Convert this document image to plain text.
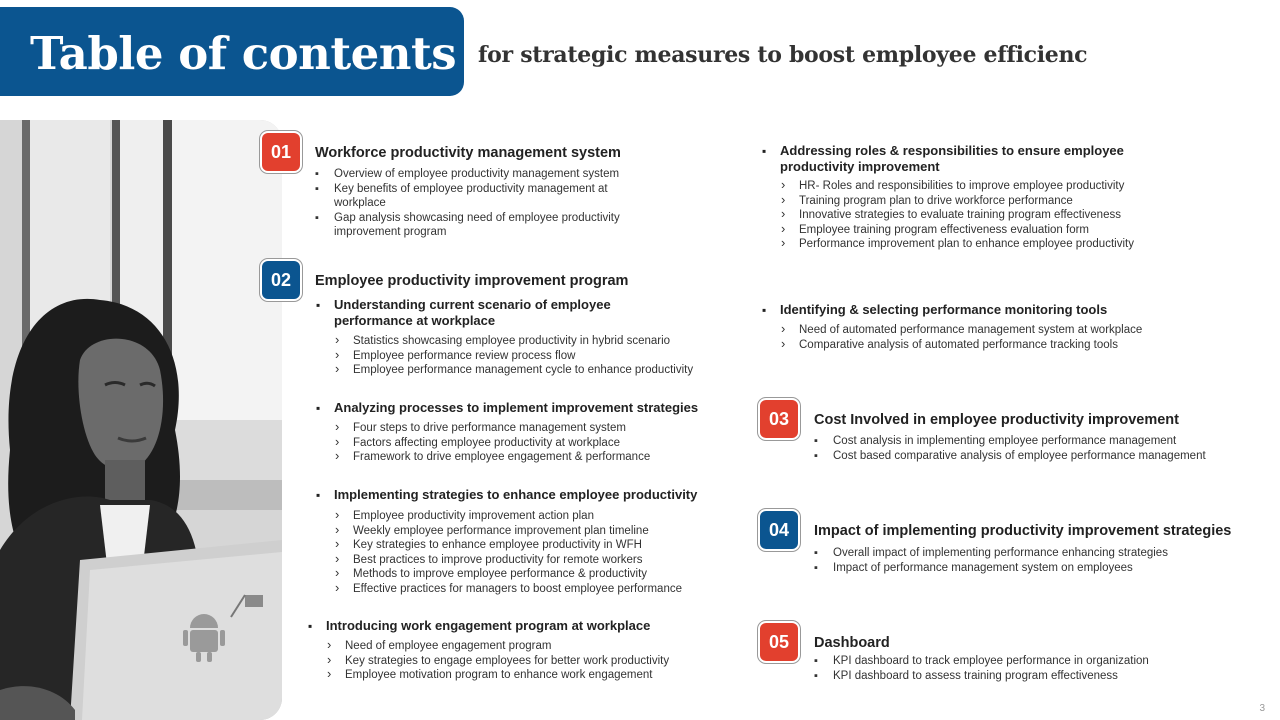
Table of contents for strategic measures to boost employee efficienc
01	Workforce productivity management system
▪ Overview of employee productivity management system
▪ Key benefits of employee productivity management at workplace
▪ Gap analysis showcasing need of employee productivity improvement program
02	Employee productivity improvement program
▪ Understanding current scenario of employee performance at workplace
› Statistics showcasing employee productivity in hybrid scenario
› Employee performance review process flow
› Employee performance management cycle to enhance productivity
▪ Analyzing processes to implement improvement strategies
› Four steps to drive performance management system
› Factors affecting employee productivity at workplace
› Framework to drive employee engagement & performance
▪ Implementing strategies to enhance employee productivity
› Employee productivity improvement action plan
› Weekly employee performance improvement plan timeline
› Key strategies to enhance employee productivity in WFH
› Best practices to improve productivity for remote workers
› Methods to improve employee performance & productivity
› Effective practices for managers to boost employee performance
▪ Introducing work engagement program at workplace
› Need of employee engagement program
› Key strategies to engage employees for better work productivity
› Employee motivation program to enhance work engagement
▪ Addressing roles & responsibilities to ensure employee productivity improvement
› HR- Roles and responsibilities to improve employee productivity
› Training program plan to drive workforce performance
› Innovative strategies to evaluate training program effectiveness
› Employee training program effectiveness evaluation form
› Performance improvement plan to enhance employee productivity
▪ Identifying & selecting performance monitoring tools
› Need of automated performance management system at workplace
› Comparative analysis of automated performance tracking tools
03	Cost Involved in employee productivity improvement
▪ Cost analysis in implementing employee performance management
▪ Cost based comparative analysis of employee performance management
04	Impact of implementing productivity improvement strategies
▪ Overall impact of implementing performance enhancing strategies
▪ Impact of performance management system on employees
05	Dashboard
▪ KPI dashboard to track employee performance in organization
▪ KPI dashboard to assess training program effectiveness
3
